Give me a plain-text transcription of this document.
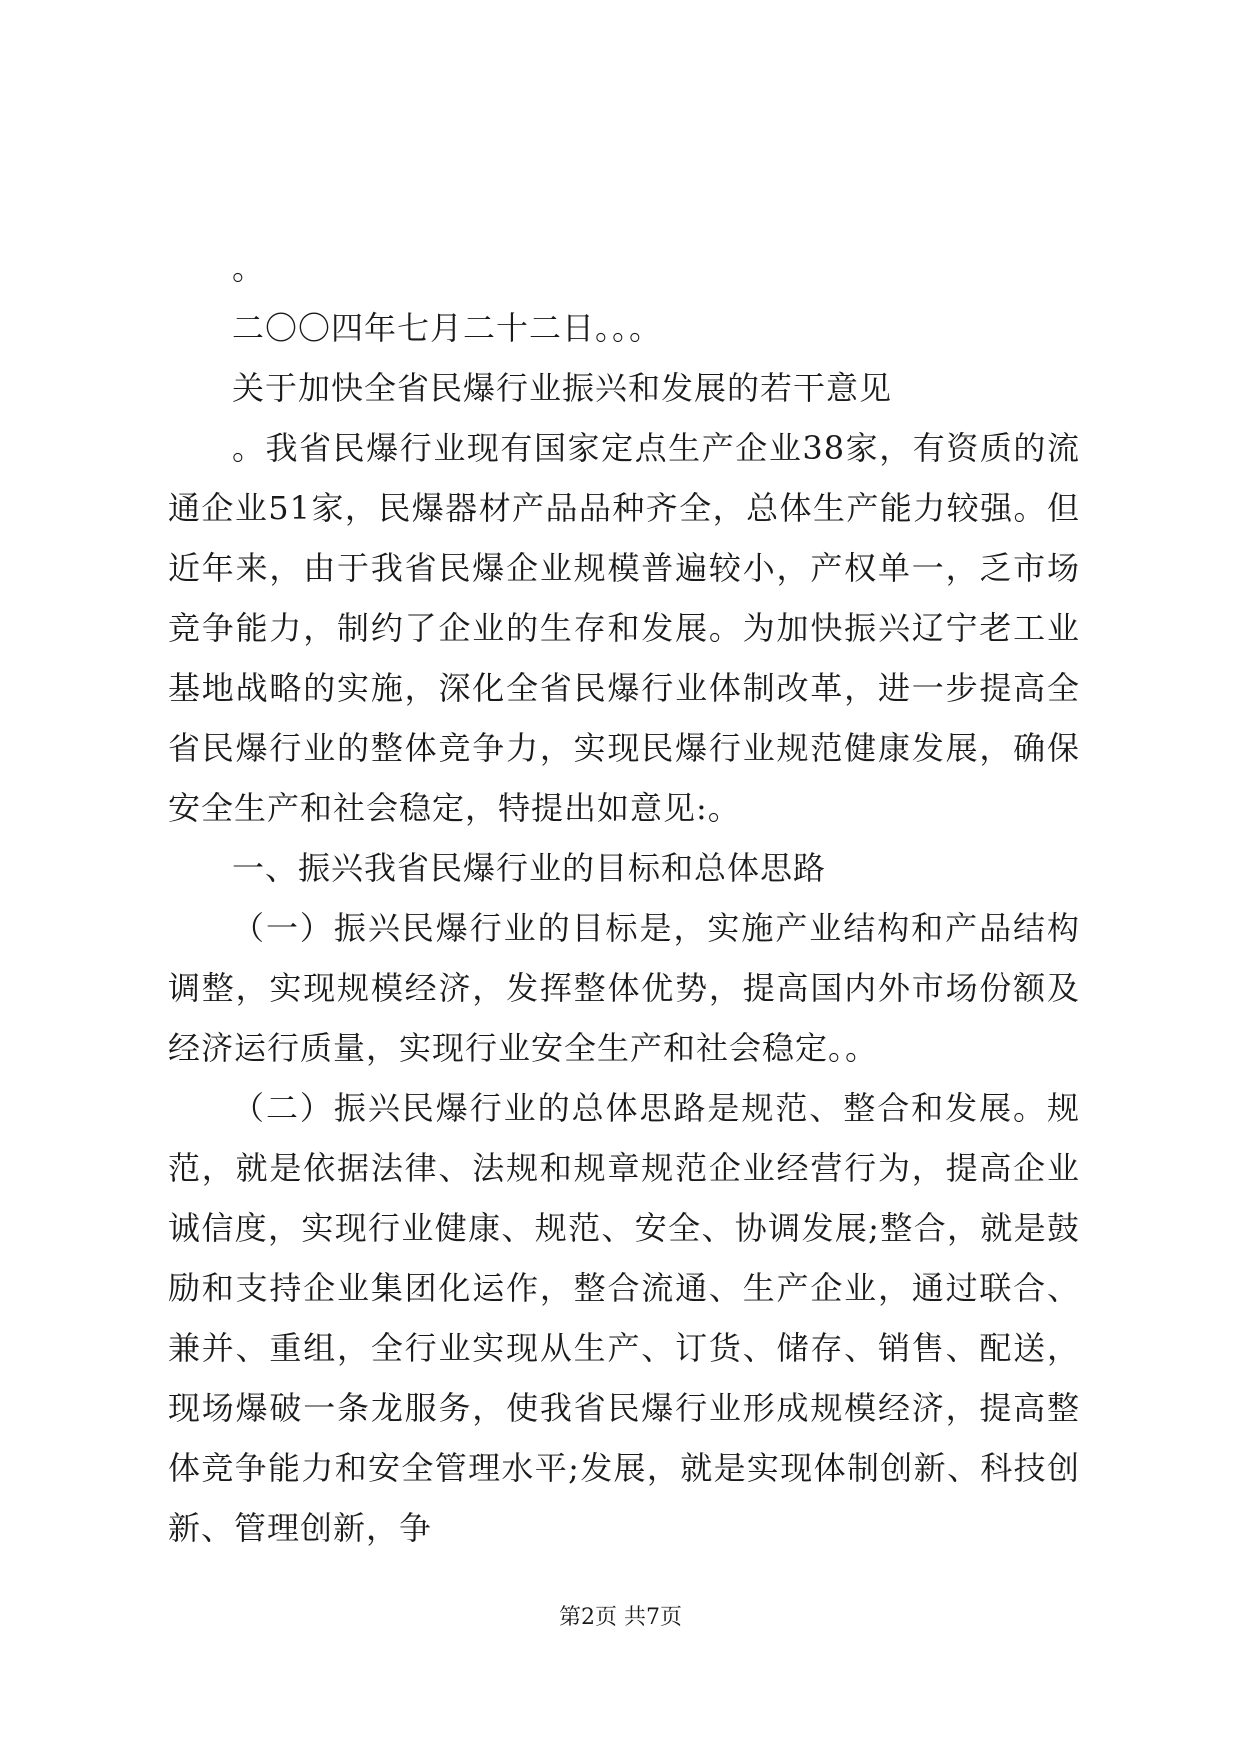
。

二〇〇四年七月二十二日。。。

关于加快全省民爆行业振兴和发展的若干意见

。我省民爆行业现有国家定点生产企业38家，有资质的流通企业51家，民爆器材产品品种齐全，总体生产能力较强。但近年来，由于我省民爆企业规模普遍较小，产权单一，乏市场竞争能力，制约了企业的生存和发展。为加快振兴辽宁老工业基地战略的实施，深化全省民爆行业体制改革，进一步提高全省民爆行业的整体竞争力，实现民爆行业规范健康发展，确保安全生产和社会稳定，特提出如意见:。

一、振兴我省民爆行业的目标和总体思路

（一）振兴民爆行业的目标是，实施产业结构和产品结构调整，实现规模经济，发挥整体优势，提高国内外市场份额及经济运行质量，实现行业安全生产和社会稳定。。

（二）振兴民爆行业的总体思路是规范、整合和发展。规范，就是依据法律、法规和规章规范企业经营行为，提高企业诚信度，实现行业健康、规范、安全、协调发展;整合，就是鼓励和支持企业集团化运作，整合流通、生产企业，通过联合、兼并、重组，全行业实现从生产、订货、储存、销售、配送，现场爆破一条龙服务，使我省民爆行业形成规模经济，提高整体竞争能力和安全管理水平;发展，就是实现体制创新、科技创新、管理创新，争

第2页 共7页
